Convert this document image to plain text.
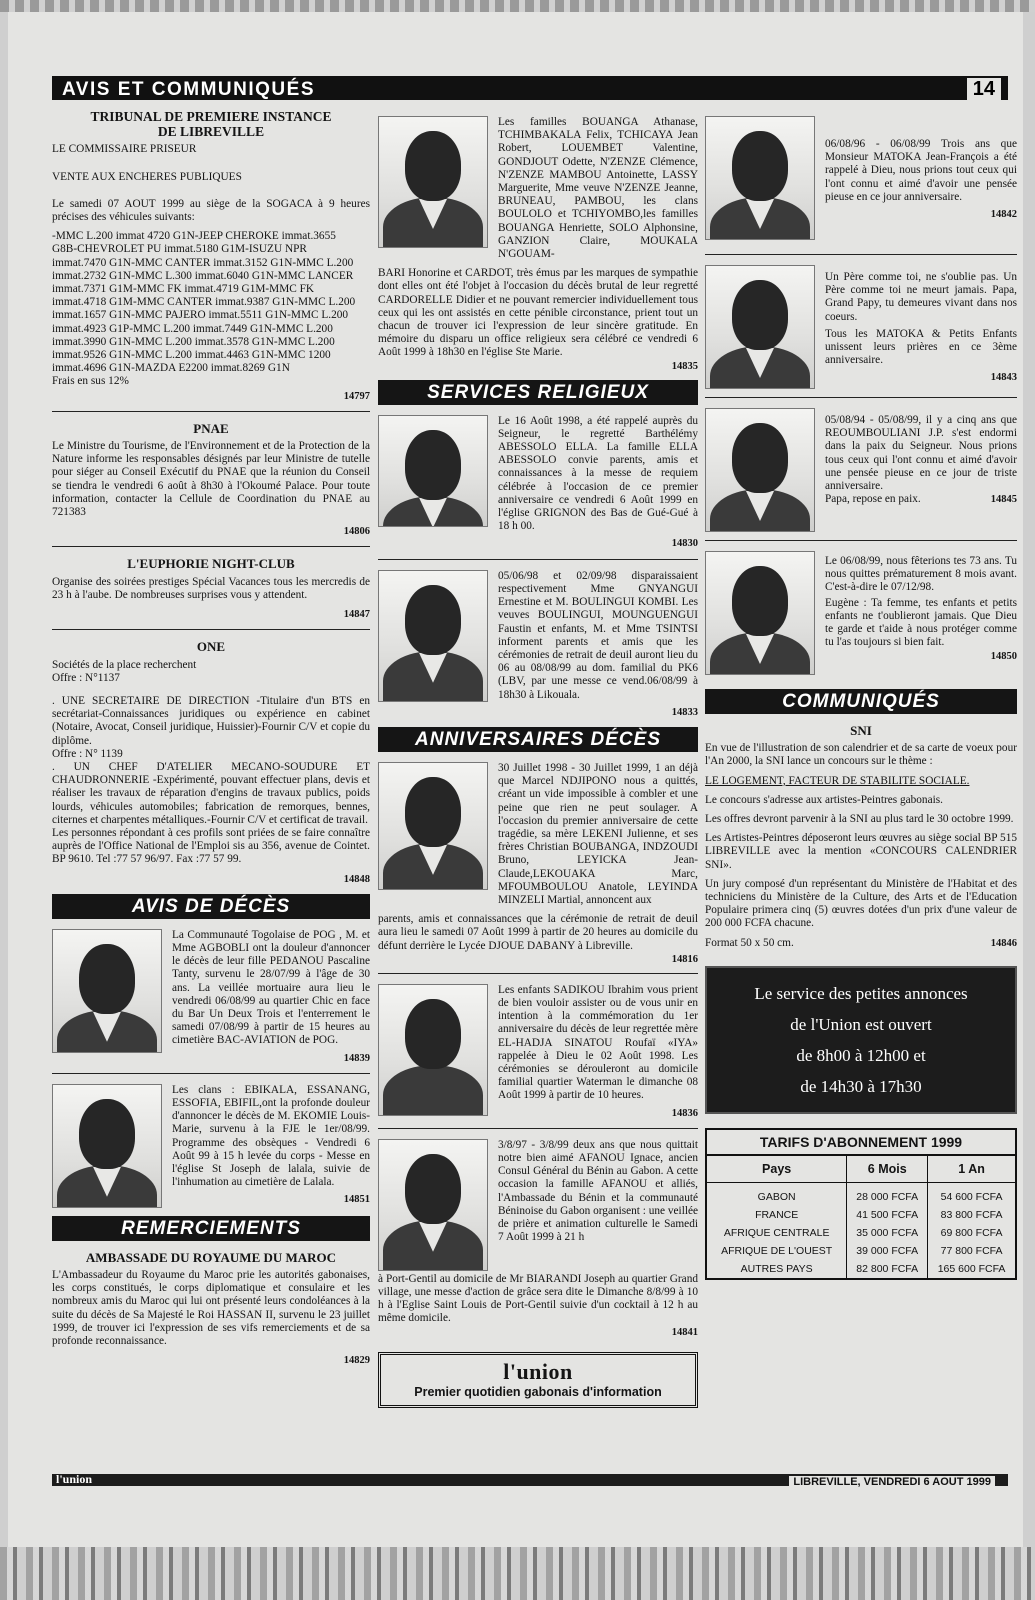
AVIS ET COMMUNIQUÉS	14
TRIBUNAL DE PREMIERE INSTANCE
DE LIBREVILLE

LE COMMISSAIRE PRISEUR

VENTE AUX ENCHERES PUBLIQUES

Le samedi 07 AOUT 1999 au siège de la SOGACA à 9 heures précises des véhicules suivants:

-MMC L.200 immat 4720 G1N-JEEP CHEROKE immat.3655
G8B-CHEVROLET PU immat.5180 G1M-ISUZU NPR
immat.7470 G1N-MMC CANTER immat.3152 G1N-MMC L.200
immat.2732 G1N-MMC L.300 immat.6040 G1N-MMC LANCER
immat.7371 G1M-MMC FK immat.4719 G1M-MMC FK
immat.4718 G1M-MMC CANTER immat.9387 G1N-MMC L.200
immat.1657 G1N-MMC PAJERO immat.5511 G1N-MMC L.200
immat.4923 G1P-MMC L.200 immat.7449 G1N-MMC L.200
immat.3990 G1N-MMC L.200 immat.3578 G1N-MMC L.200
immat.9526 G1N-MMC L.200 immat.4463 G1N-MMC 1200
immat.4696 G1N-MAZDA E2200 immat.8269 G1N
Frais en sus 12%
14797
PNAE

Le Ministre du Tourisme, de l'Environnement et de la Protection de la Nature informe les responsables désignés par leur Ministre de tutelle pour siéger au Conseil Exécutif du PNAE que la réunion du Conseil se tiendra le vendredi 6 août à 8h30 à l'Okoumé Palace. Pour toute information, contacter la Cellule de Coordination du PNAE au 721383

14806
L'EUPHORIE NIGHT-CLUB

Organise des soirées prestiges Spécial Vacances tous les mercredis de 23 h à l'aube. De nombreuses surprises vous y attendent.

14847
ONE
Sociétés de la place recherchent
Offre : N°1137

. UNE SECRETAIRE DE DIRECTION -Titulaire d'un BTS en secrétariat-Connaissances juridiques ou expérience en cabinet (Notaire, Avocat, Conseil juridique, Huissier)-Fournir C/V et copie du diplôme.

Offre : N° 1139

. UN CHEF D'ATELIER MECANO-SOUDURE ET CHAUDRONNERIE -Expérimenté, pouvant effectuer plans, devis et réaliser les travaux de réparation d'engins de travaux publics, poids lourds, véhicules automobiles; fabrication de remorques, bennes, citernes et charpentes métalliques.-Fournir C/V et certificat de travail.

Les personnes répondant à ces profils sont priées de se faire connaître auprès de l'Office National de l'Emploi sis au 356, avenue de Cointet. BP 9610. Tel :77 57 96/97. Fax :77 57 99.

14848
AVIS DE DÉCÈS

La Communauté Togolaise de POG , M. et Mme AGBOBLI ont la douleur d'annoncer le décès de leur fille PEDANOU Pascaline Tanty, survenu le 28/07/99 à l'âge de 30 ans. La veillée mortuaire aura lieu le vendredi 06/08/99 au quartier Chic en face du Bar Un Deux Trois et l'enterrement le samedi 07/08/99 à partir de 15 heures au cimetière BAC-AVIATION de POG.

14839

Les clans : EBIKALA, ESSANANG, ESSOFIA, EBIFIL,ont la profonde douleur d'annoncer le décès de M. EKOMIE Louis-Marie, survenu à la FJE le 1er/08/99. Programme des obsèques - Vendredi 6 Août 99 à 15 h levée du corps - Messe en l'église St Joseph de lalala, suivie de l'inhumation au cimetière de Lalala.

14851
REMERCIEMENTS
AMBASSADE DU ROYAUME DU MAROC

L'Ambassadeur du Royaume du Maroc prie les autorités gabonaises, les corps constitués, le corps diplomatique et consulaire et les nombreux amis du Maroc qui lui ont présenté leurs condoléances à la suite du décès de Sa Majesté le Roi HASSAN II, survenu le 23 juillet 1999, de trouver ici l'expression de ses vifs remerciements et de sa profonde reconnaissance.

14829

Les familles BOUANGA Athanase, TCHIMBAKALA Felix, TCHICAYA Jean Robert, LOUEMBET Valentine, GONDJOUT Odette, N'ZENZE Clémence, N'ZENZE MAMBOU Antoinette, LASSY Marguerite, Mme veuve N'ZENZE Jeanne, BRUNEAU, PAMBOU, les clans BOULOLO et TCHIYOMBO,les familles BOUANGA Henriette, SOLO Alphonsine, GANZION Claire, MOUKALA N'GOUAM-

BARI Honorine et CARDOT, très émus par les marques de sympathie dont elles ont été l'objet à l'occasion du décès brutal de leur regretté CARDORELLE Didier et ne pouvant remercier individuellement tous ceux qui les ont assistés en cette pénible circonstance, prient tout un chacun de trouver ici l'expression de leur sincère gratitude. En mémoire du disparu un office religieux sera célébré ce vendredi 6 Août 1999 à 18h30 en l'église Ste Marie.
14835
SERVICES RELIGIEUX

Le 16 Août 1998, a été rappelé auprès du Seigneur, le regretté Barthélémy ABESSOLO ELLA. La famille ELLA ABESSOLO convie parents, amis et connaissances à la messe de requiem célébrée à l'occasion de ce premier anniversaire ce vendredi 6 Août 1999 en l'église GRIGNON des Bas de Gué-Gué à 18 h 00.

14830

05/06/98 et 02/09/98 disparaissaient respectivement Mme GNYANGUI Ernestine et M. BOULINGUI KOMBI. Les veuves BOULINGUI, MOUNGUENGUI Faustin et enfants, M. et Mme TSINTSI informent parents et amis que les cérémonies de retrait de deuil auront lieu du 06 au 08/08/99 au dom. familial du PK6 (LBV, par une messe ce vend.06/08/99 à 18h30 à Likouala.

14833
ANNIVERSAIRES DÉCÈS

30 Juillet 1998 - 30 Juillet 1999, 1 an déjà que Marcel NDJIPONO nous a quittés, créant un vide impossible à combler et une peine que rien ne peut soulager. A l'occasion du premier anniversaire de cette tragédie, sa mère LEKENI Julienne, et ses frères Christian BOUBANGA, INDZOUDI Bruno, LEYICKA Jean-Claude,LEKOUAKA Marc, MFOUMBOULOU Anatole, LEYINDA MINZELI Martial, annoncent aux

parents, amis et connaissances que la cérémonie de retrait de deuil aura lieu le samedi 07 Août 1999 à partir de 20 heures au domicile du défunt derrière le Lycée DJOUE DABANY à Libreville.
14816

Les enfants SADIKOU Ibrahim vous prient de bien vouloir assister ou de vous unir en intention à la commémoration du 1er anniversaire du décès de leur regrettée mère EL-HADJA SINATOU Roufaï «IYA» rappelée à Dieu le 02 Août 1998. Les cérémonies se dérouleront au domicile familial quartier Waterman le dimanche 08 Août 1999 à partir de 10 heures.

14836

3/8/97 - 3/8/99 deux ans que nous quittait notre bien aimé AFANOU Ignace, ancien Consul Général du Bénin au Gabon. A cette occasion la famille AFANOU et alliés, l'Ambassade du Bénin et la communauté Béninoise du Gabon organisent : une veillée de prière et animation culturelle le Samedi 7 Août 1999 à 21 h

à Port-Gentil au domicile de Mr BIARANDI Joseph au quartier Grand village, une messe d'action de grâce sera dite le Dimanche 8/8/99 à 10 h à l'Eglise Saint Louis de Port-Gentil suivie d'un cocktail à 12 h au même domicile.
14841
l'union
Premier quotidien gabonais d'information

06/08/96 - 06/08/99 Trois ans que Monsieur MATOKA Jean-François a été rappelé à Dieu, nous prions tout ceux qui l'ont connu et aimé d'avoir une pensée pieuse en ce jour anniversaire.

14842

Un Père comme toi, ne s'oublie pas. Un Père comme toi ne meurt jamais. Papa, Grand Papy, tu demeures vivant dans nos coeurs.

Tous les MATOKA & Petits Enfants unissent leurs prières en ce 3ème anniversaire.

14843

05/08/94 - 05/08/99, il y a cinq ans que REOUMBOULIANI J.P. s'est endormi dans la paix du Seigneur. Nous prions tous ceux qui l'ont connu et aimé d'avoir une pensée pieuse en ce jour de triste anniversaire.

Papa, repose en paix.	14845

Le 06/08/99, nous fêterions tes 73 ans. Tu nous quittes prématurement 8 mois avant. C'est-à-dire le 07/12/98.

Eugène : Ta femme, tes enfants et petits enfants ne t'oublieront jamais. Que Dieu te garde et t'aide à nous protéger comme tu l'as toujours si bien fait.

14850
COMMUNIQUÉS
SNI

En vue de l'illustration de son calendrier et de sa carte de voeux pour l'An 2000, la SNI lance un concours sur le thème :

LE LOGEMENT, FACTEUR DE STABILITE SOCIALE.

Le concours s'adresse aux artistes-Peintres gabonais.

Les offres devront parvenir à la SNI au plus tard le 30 octobre 1999.

Les Artistes-Peintres déposeront leurs œuvres au siège social BP 515 LIBREVILLE avec la mention «CONCOURS CALENDRIER SNI».

Un jury composé d'un représentant du Ministère de l'Habitat et des techniciens du Ministère de la Culture, des Arts et de l'Education Populaire primera cinq (5) œuvres dotées d'un prix d'une valeur de 200 000 FCFA chacune.

Format 50 x 50 cm.	14846
Le service des petites annonces
de l'Union est ouvert
de 8h00 à 12h00 et
de 14h30 à 17h30
TARIFS D'ABONNEMENT 1999
Pays	6 Mois	1 An
GABON	28 000 FCFA	54 600 FCFA
FRANCE	41 500 FCFA	83 800 FCFA
AFRIQUE CENTRALE	35 000 FCFA	69 800 FCFA
AFRIQUE DE L'OUEST	39 000 FCFA	77 800 FCFA
AUTRES PAYS	82 800 FCFA	165 600 FCFA
l'union	LIBREVILLE, VENDREDI 6 AOUT 1999
